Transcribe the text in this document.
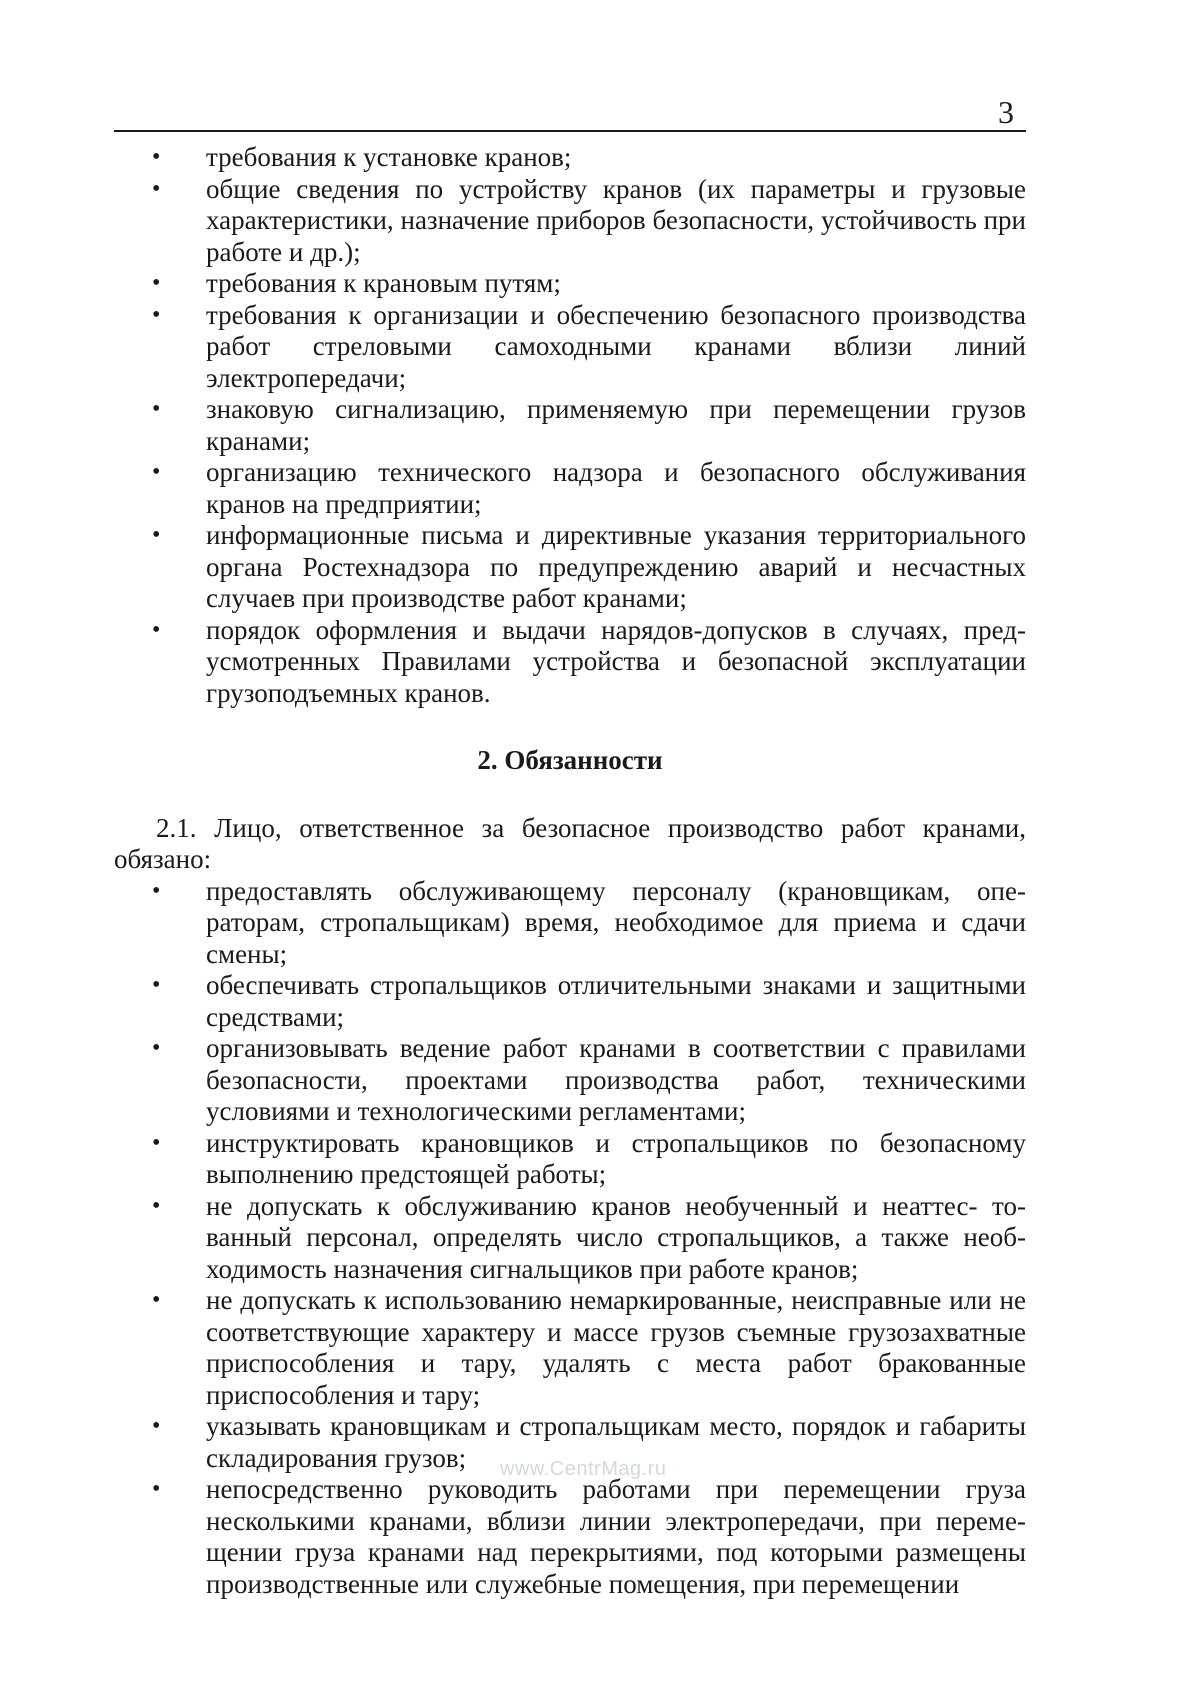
3
• требования к установке кранов;
• общие сведения по устройству кранов (их параметры и грузовые характеристики, назначение приборов безопасности, устойчивость при работе и др.);
• требования к крановым путям;
• требования к организации и обеспечению безопасного производства работ стреловыми самоходными кранами вблизи линий электропередачи;
• знаковую сигнализацию, применяемую при перемещении грузов кранами;
• организацию технического надзора и безопасного обслуживания кранов на предприятии;
• информационные письма и директивные указания территориального органа Ростехнадзора по предупреждению аварий и несчастных случаев при производстве работ кранами;
• порядок оформления и выдачи нарядов-допусков в случаях, предусмотренных Правилами устройства и безопасной эксплуатации грузоподъемных кранов.
2. Обязанности
2.1. Лицо, ответственное за безопасное производство работ кранами, обязано:
• предоставлять обслуживающему персоналу (крановщикам, операторам, стропальщикам) время, необходимое для приема и сдачи смены;
• обеспечивать стропальщиков отличительными знаками и защитными средствами;
• организовывать ведение работ кранами в соответствии с правилами безопасности, проектами производства работ, техническими условиями и технологическими регламентами;
• инструктировать крановщиков и стропальщиков по безопасному выполнению предстоящей работы;
• не допускать к обслуживанию кранов необученный и неаттес- тованный персонал, определять число стропальщиков, а также необходимость назначения сигнальщиков при работе кранов;
• не допускать к использованию немаркированные, неисправные или не соответствующие характеру и массе грузов съемные грузозахватные приспособления и тару, удалять с места работ бракованные приспособления и тару;
• указывать крановщикам и стропальщикам место, порядок и габариты складирования грузов;
• непосредственно руководить работами при перемещении груза несколькими кранами, вблизи линии электропередачи, при перемещении груза кранами над перекрытиями, под которыми размещены производственные или служебные помещения, при перемещении
www.CentrMag.ru
